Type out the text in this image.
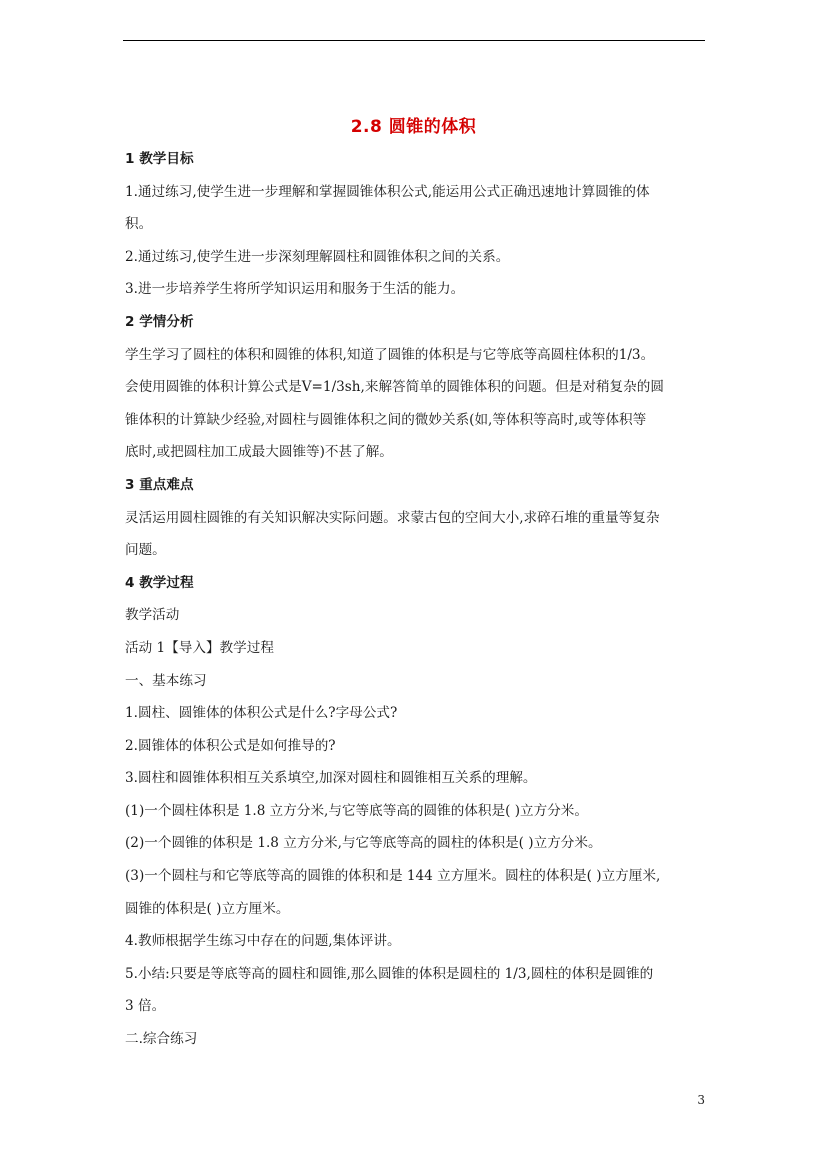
2.8 圆锥的体积
1 教学目标
1.通过练习,使学生进一步理解和掌握圆锥体积公式,能运用公式正确迅速地计算圆锥的体
积。
2.通过练习,使学生进一步深刻理解圆柱和圆锥体积之间的关系。
3.进一步培养学生将所学知识运用和服务于生活的能力。
2 学情分析
学生学习了圆柱的体积和圆锥的体积,知道了圆锥的体积是与它等底等高圆柱体积的1/3。
会使用圆锥的体积计算公式是V=1/3sh,来解答简单的圆锥体积的问题。但是对稍复杂的圆
锥体积的计算缺少经验,对圆柱与圆锥体积之间的微妙关系(如,等体积等高时,或等体积等
底时,或把圆柱加工成最大圆锥等)不甚了解。
3 重点难点
灵活运用圆柱圆锥的有关知识解决实际问题。求蒙古包的空间大小,求碎石堆的重量等复杂
问题。
4 教学过程
教学活动
活动 1【导入】教学过程
一、基本练习
1.圆柱、圆锥体的体积公式是什么?字母公式?
2.圆锥体的体积公式是如何推导的?
3.圆柱和圆锥体积相互关系填空,加深对圆柱和圆锥相互关系的理解。
(1)一个圆柱体积是 1.8 立方分米,与它等底等高的圆锥的体积是( )立方分米。
(2)一个圆锥的体积是 1.8 立方分米,与它等底等高的圆柱的体积是( )立方分米。
(3)一个圆柱与和它等底等高的圆锥的体积和是 144 立方厘米。圆柱的体积是( )立方厘米,
圆锥的体积是( )立方厘米。
4.教师根据学生练习中存在的问题,集体评讲。
5.小结:只要是等底等高的圆柱和圆锥,那么圆锥的体积是圆柱的 1/3,圆柱的体积是圆锥的
3 倍。
二.综合练习
3
